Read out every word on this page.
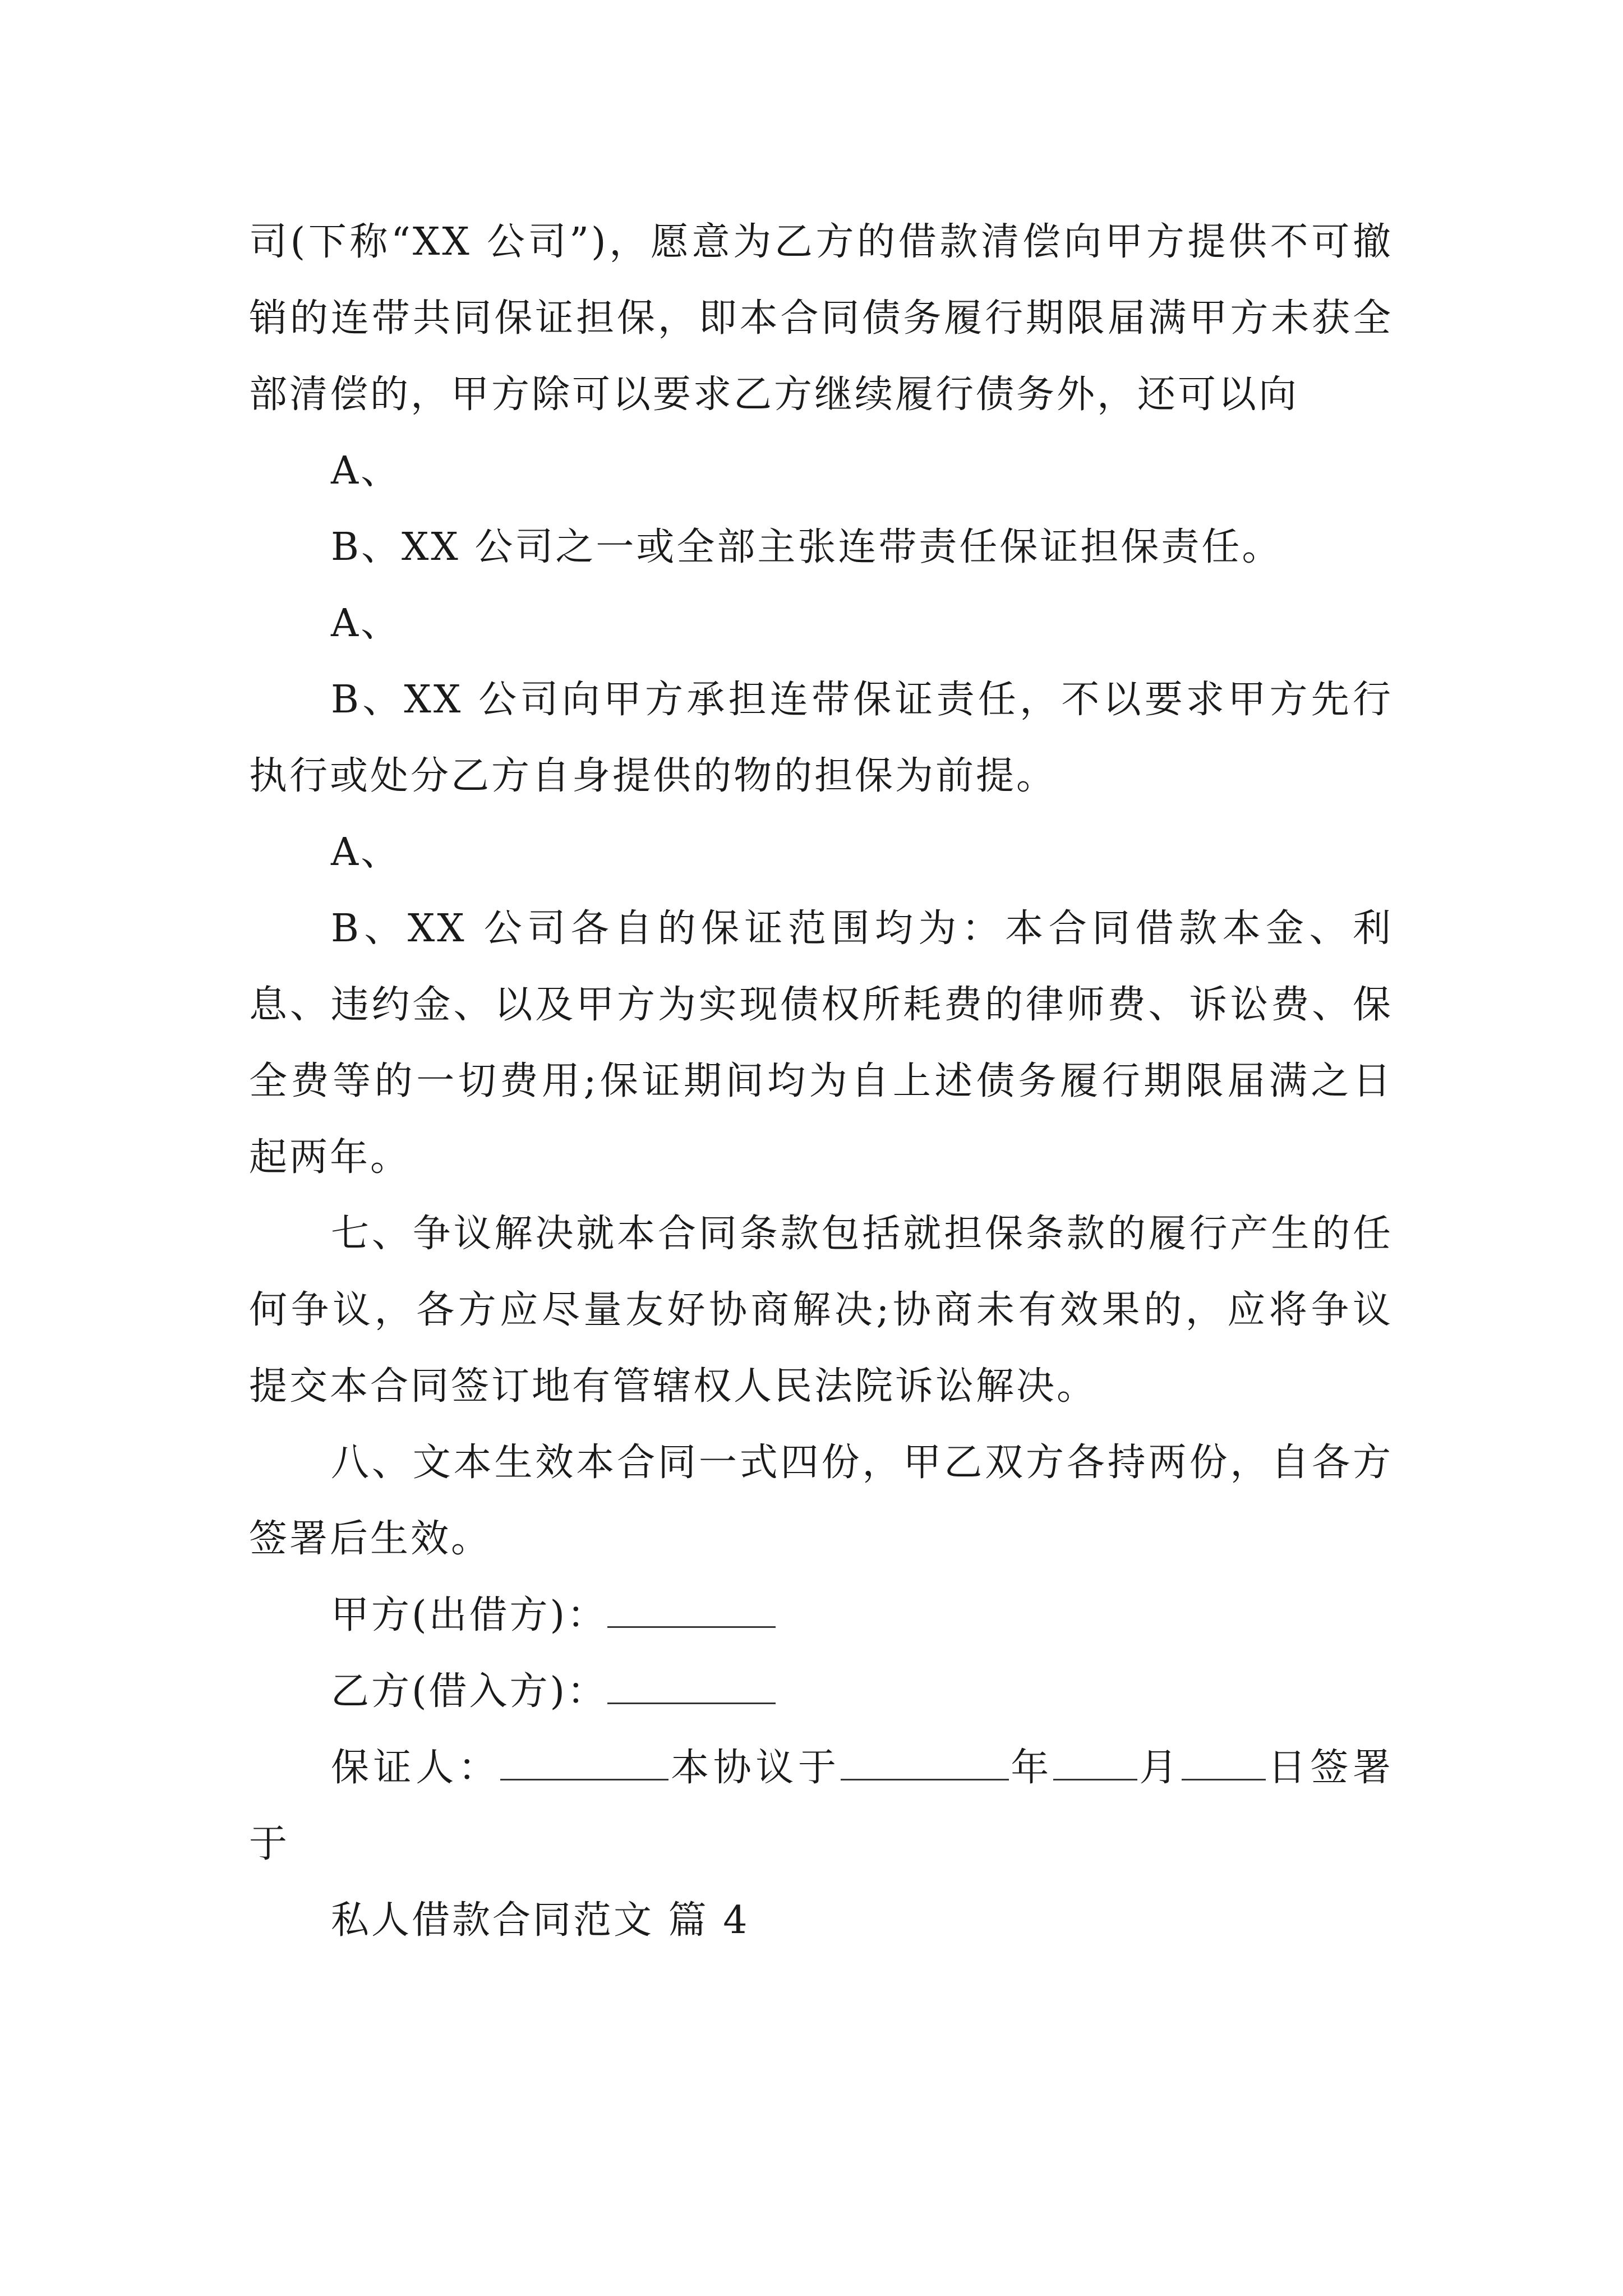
司(下称“XX 公司”)，愿意为乙方的借款清偿向甲方提供不可撤销的连带共同保证担保，即本合同债务履行期限届满甲方未获全部清偿的，甲方除可以要求乙方继续履行债务外，还可以向

A、

B、XX 公司之一或全部主张连带责任保证担保责任。

A、

B、XX 公司向甲方承担连带保证责任，不以要求甲方先行执行或处分乙方自身提供的物的担保为前提。

A、

B、XX 公司各自的保证范围均为：本合同借款本金、利息、违约金、以及甲方为实现债权所耗费的律师费、诉讼费、保全费等的一切费用;保证期间均为自上述债务履行期限届满之日起两年。

七、争议解决就本合同条款包括就担保条款的履行产生的任何争议，各方应尽量友好协商解决;协商未有效果的，应将争议提交本合同签订地有管辖权人民法院诉讼解决。

八、文本生效本合同一式四份，甲乙双方各持两份，自各方签署后生效。

甲方(出借方)：

乙方(借入方)：

保证人：	本协议于	年 月 日签署于

私人借款合同范文 篇 4
